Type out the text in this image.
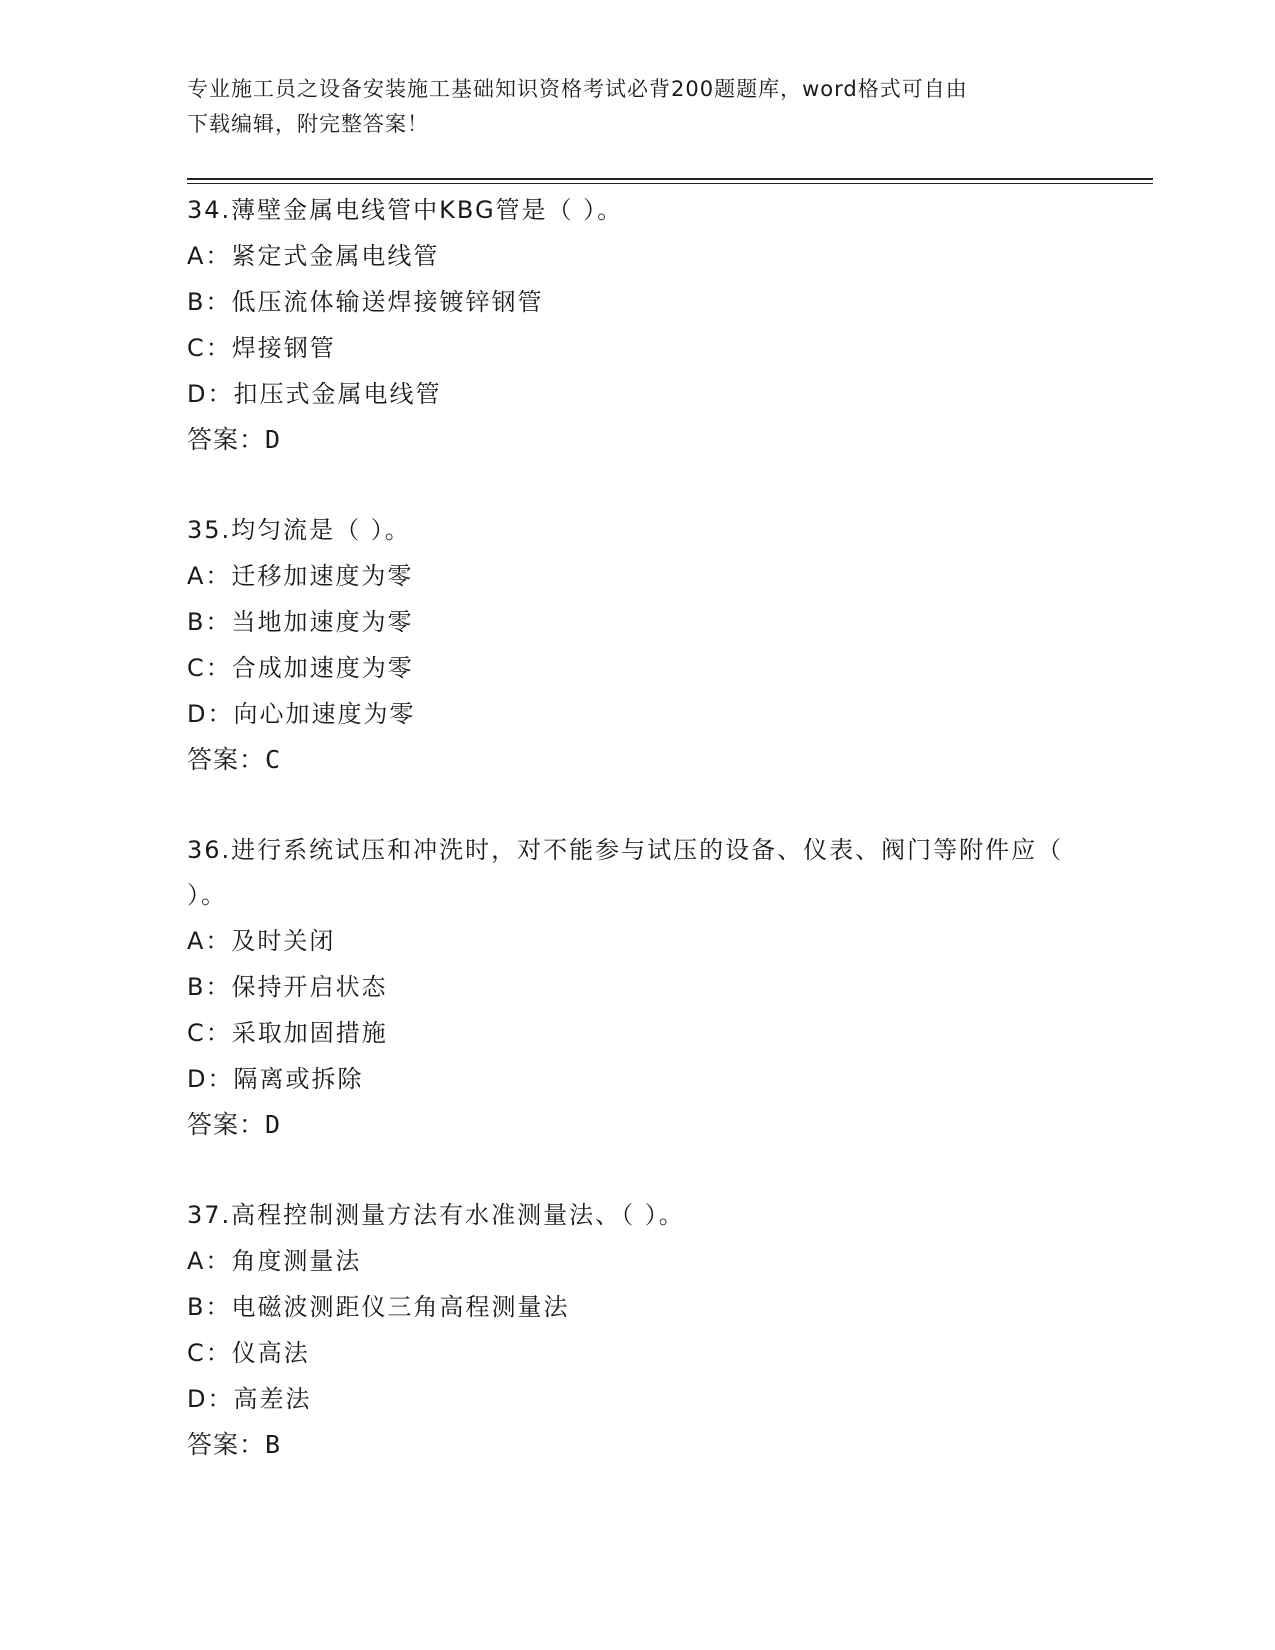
专业施工员之设备安装施工基础知识资格考试必背200题题库，word格式可自由
下载编辑，附完整答案！
34.薄壁金属电线管中KBG管是（ ）。
A：紧定式金属电线管
B：低压流体输送焊接镀锌钢管
C：焊接钢管
D：扣压式金属电线管
答案：D
35.均匀流是（ ）。
A：迁移加速度为零
B：当地加速度为零
C：合成加速度为零
D：向心加速度为零
答案：C
36.进行系统试压和冲洗时，对不能参与试压的设备、仪表、阀门等附件应（ ）。
A：及时关闭
B：保持开启状态
C：采取加固措施
D：隔离或拆除
答案：D
37.高程控制测量方法有水准测量法、（ ）。
A：角度测量法
B：电磁波测距仪三角高程测量法
C：仪高法
D：高差法
答案：B
